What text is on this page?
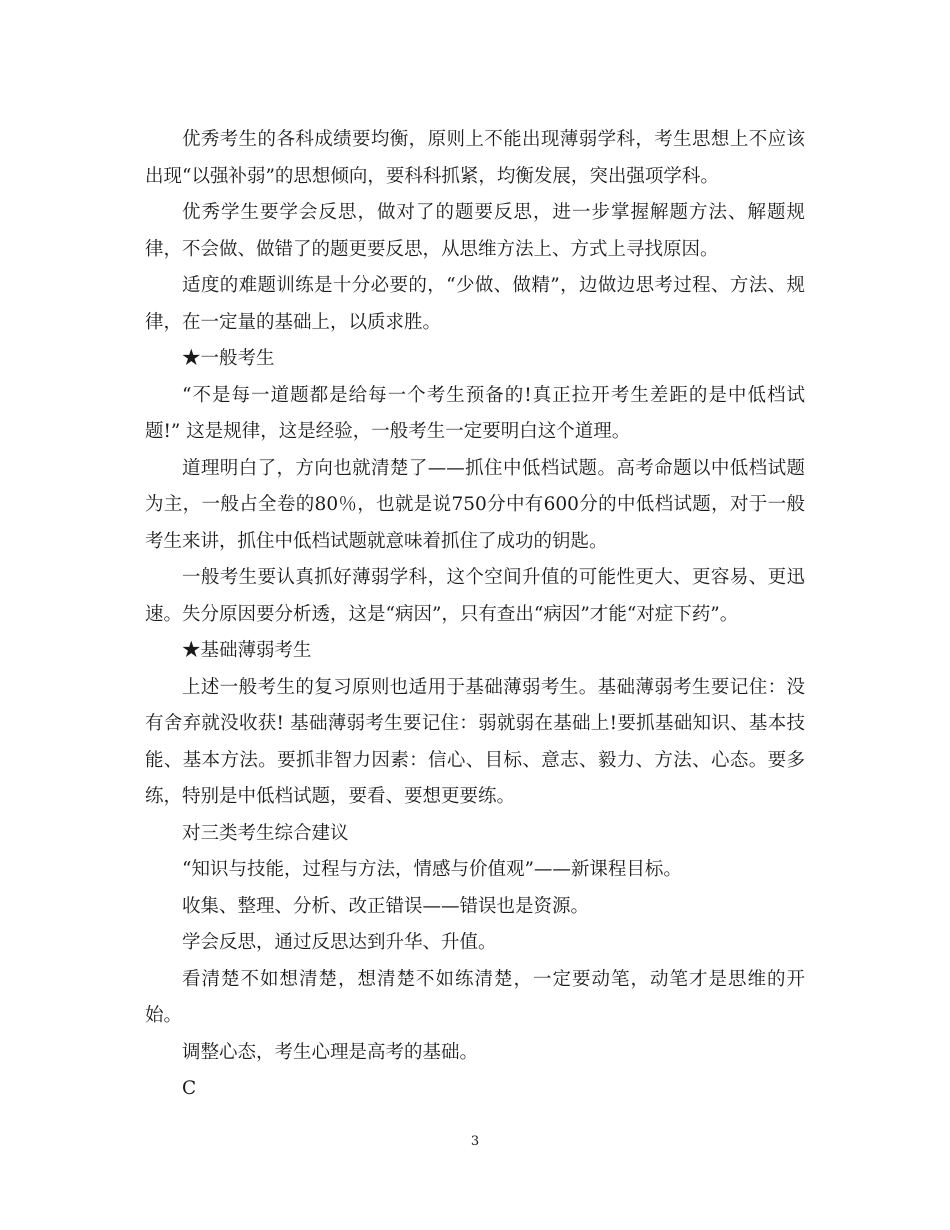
优秀考生的各科成绩要均衡，原则上不能出现薄弱学科，考生思想上不应该出现“以强补弱”的思想倾向，要科科抓紧，均衡发展，突出强项学科。

优秀学生要学会反思，做对了的题要反思，进一步掌握解题方法、解题规律，不会做、做错了的题更要反思，从思维方法上、方式上寻找原因。

适度的难题训练是十分必要的，“少做、做精”，边做边思考过程、方法、规律，在一定量的基础上，以质求胜。

★一般考生

“不是每一道题都是给每一个考生预备的!真正拉开考生差距的是中低档试题!” 这是规律，这是经验，一般考生一定要明白这个道理。

道理明白了，方向也就清楚了——抓住中低档试题。高考命题以中低档试题为主，一般占全卷的80％，也就是说750分中有600分的中低档试题，对于一般考生来讲，抓住中低档试题就意味着抓住了成功的钥匙。

一般考生要认真抓好薄弱学科，这个空间升值的可能性更大、更容易、更迅速。失分原因要分析透，这是“病因”，只有查出“病因”才能“对症下药”。

★基础薄弱考生

上述一般考生的复习原则也适用于基础薄弱考生。基础薄弱考生要记住：没有舍弃就没收获! 基础薄弱考生要记住：弱就弱在基础上!要抓基础知识、基本技能、基本方法。要抓非智力因素：信心、目标、意志、毅力、方法、心态。要多练，特别是中低档试题，要看、要想更要练。

对三类考生综合建议

“知识与技能，过程与方法，情感与价值观”——新课程目标。

收集、整理、分析、改正错误——错误也是资源。

学会反思，通过反思达到升华、升值。

看清楚不如想清楚，想清楚不如练清楚，一定要动笔，动笔才是思维的开始。

调整心态，考生心理是高考的基础。

C

3
